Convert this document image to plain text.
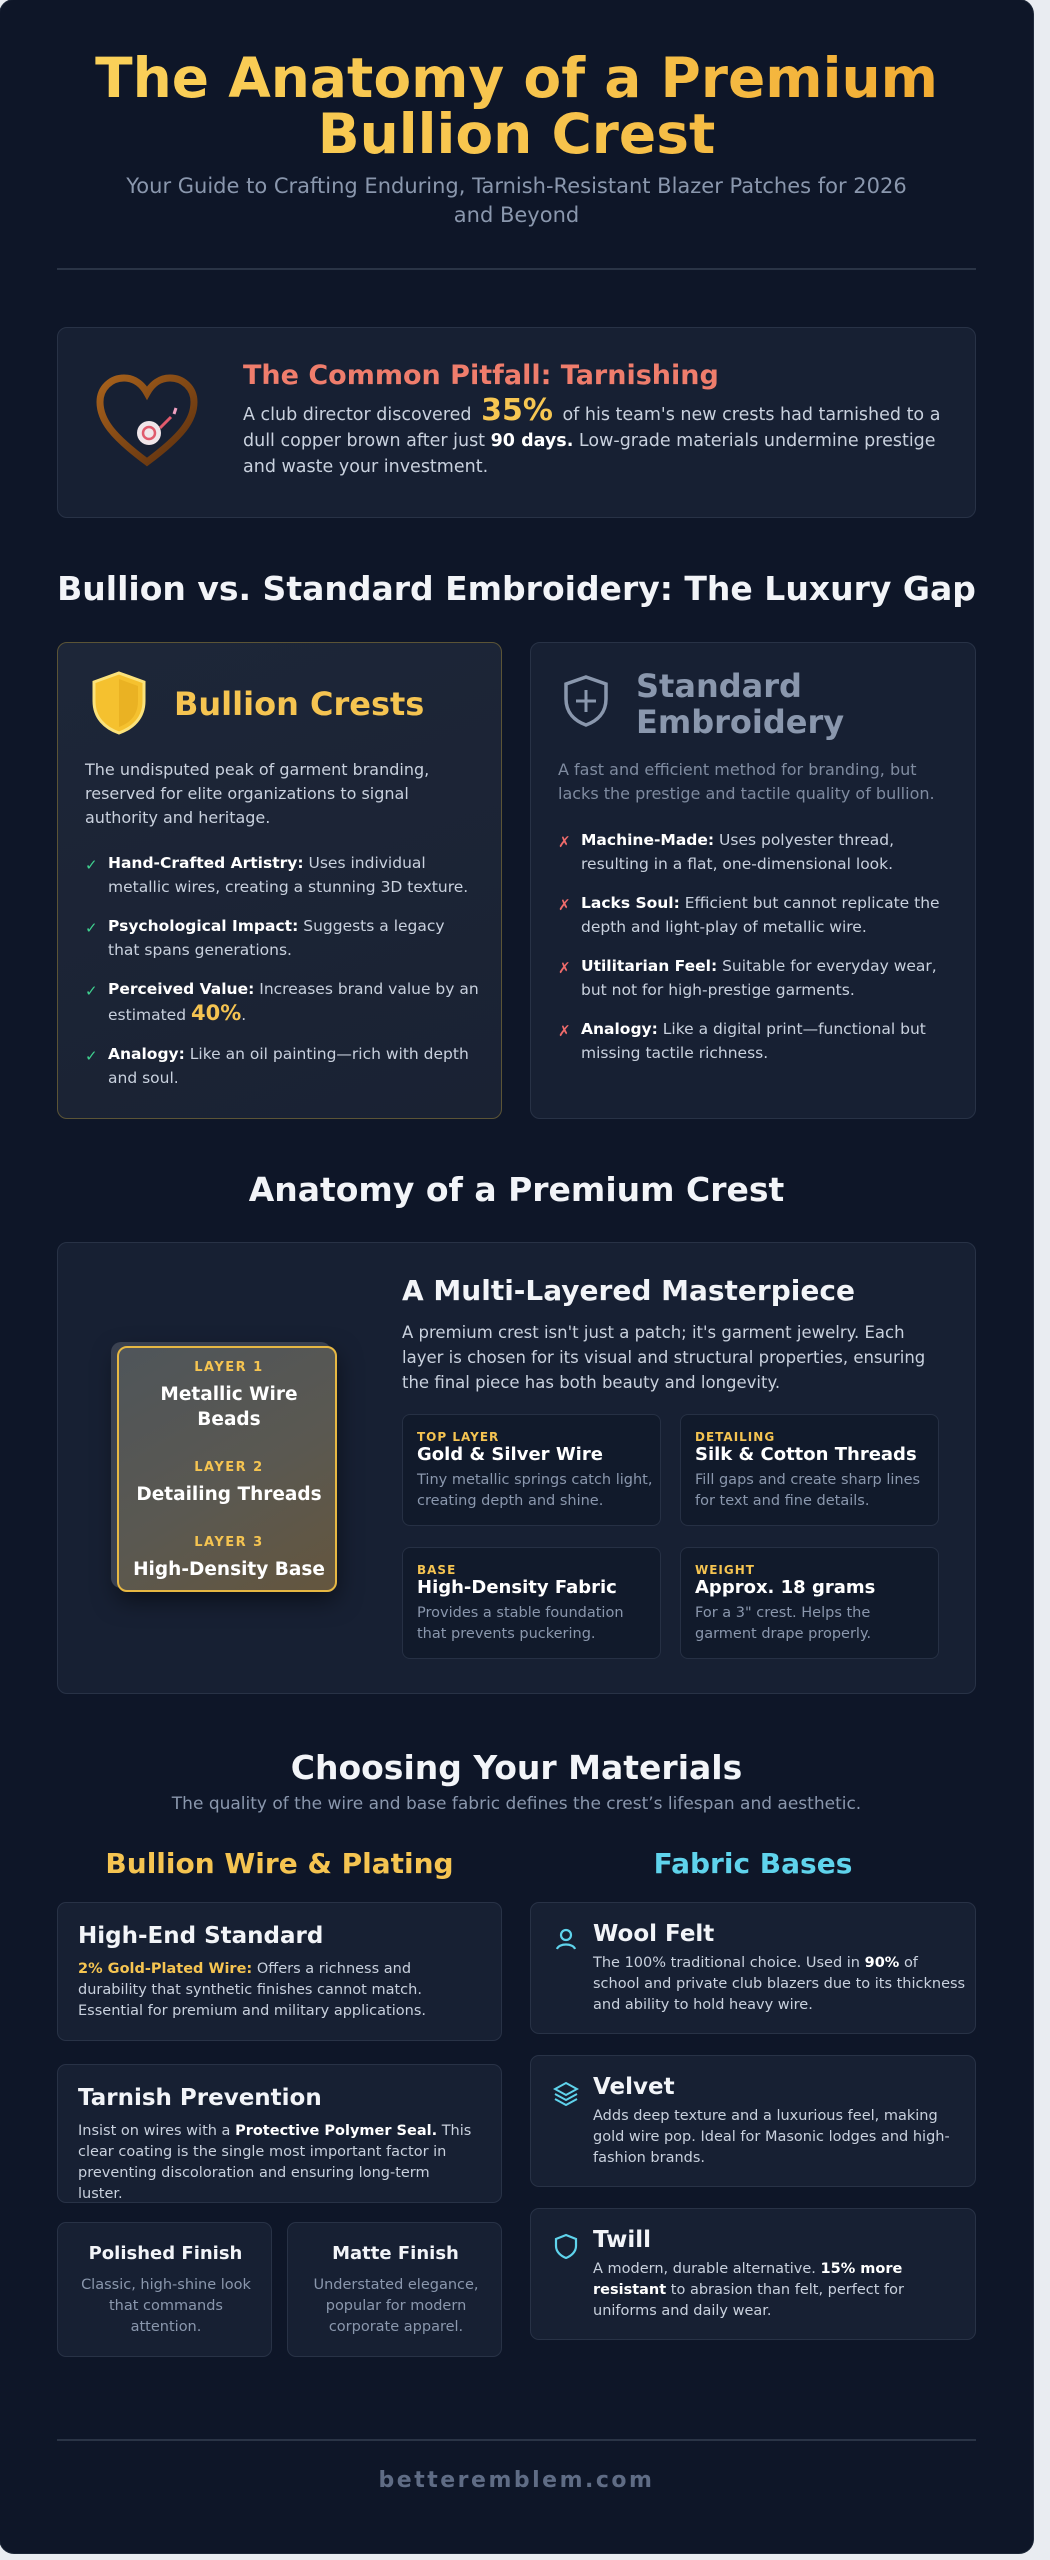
The Anatomy of a Premium
Bullion Crest

Your Guide to Crafting Enduring, Tarnish-Resistant Blazer Patches for 2026 and Beyond

The Common Pitfall: Tarnishing

A club director discovered 35% of his team's new crests had tarnished to a dull copper brown after just 90 days. Low-grade materials undermine prestige and waste your investment.

Bullion vs. Standard Embroidery: The Luxury Gap
Bullion Crests

The undisputed peak of garment branding, reserved for elite organizations to signal authority and heritage.

✓ Hand-Crafted Artistry: Uses individual metallic wires, creating a stunning 3D texture.
✓ Psychological Impact: Suggests a legacy that spans generations.
✓ Perceived Value: Increases brand value by an estimated 40%.
✓ Analogy: Like an oil painting—rich with depth and soul.
Standard
Embroidery

A fast and efficient method for branding, but lacks the prestige and tactile quality of bullion.

✗ Machine-Made: Uses polyester thread, resulting in a flat, one-dimensional look.
✗ Lacks Soul: Efficient but cannot replicate the depth and light-play of metallic wire.
✗ Utilitarian Feel: Suitable for everyday wear, but not for high-prestige garments.
✗ Analogy: Like a digital print—functional but missing tactile richness.
Anatomy of a Premium Crest
LAYER 1
Metallic Wire Beads
LAYER 2
Detailing Threads
LAYER 3
High-Density Base
A Multi-Layered Masterpiece

A premium crest isn't just a patch; it's garment jewelry. Each layer is chosen for its visual and structural properties, ensuring the final piece has both beauty and longevity.

TOP LAYER
Gold & Silver Wire
Tiny metallic springs catch light, creating depth and shine.
DETAILING
Silk & Cotton Threads
Fill gaps and create sharp lines for text and fine details.
BASE
High-Density Fabric
Provides a stable foundation that prevents puckering.
WEIGHT
Approx. 18 grams
For a 3" crest. Helps the garment drape properly.
Choosing Your Materials

The quality of the wire and base fabric defines the crest’s lifespan and aesthetic.

Bullion Wire & Plating	Fabric Bases
High-End Standard

2% Gold-Plated Wire: Offers a richness and durability that synthetic finishes cannot match. Essential for premium and military applications.

Tarnish Prevention

Insist on wires with a Protective Polymer Seal. This clear coating is the single most important factor in preventing discoloration and ensuring long-term luster.

Polished Finish

Classic, high-shine look that commands attention.

Matte Finish

Understated elegance, popular for modern corporate apparel.

Wool Felt

The 100% traditional choice. Used in 90% of school and private club blazers due to its thickness and ability to hold heavy wire.

Velvet

Adds deep texture and a luxurious feel, making gold wire pop. Ideal for Masonic lodges and high-fashion brands.

Twill

A modern, durable alternative. 15% more resistant to abrasion than felt, perfect for uniforms and daily wear.

betteremblem.com
